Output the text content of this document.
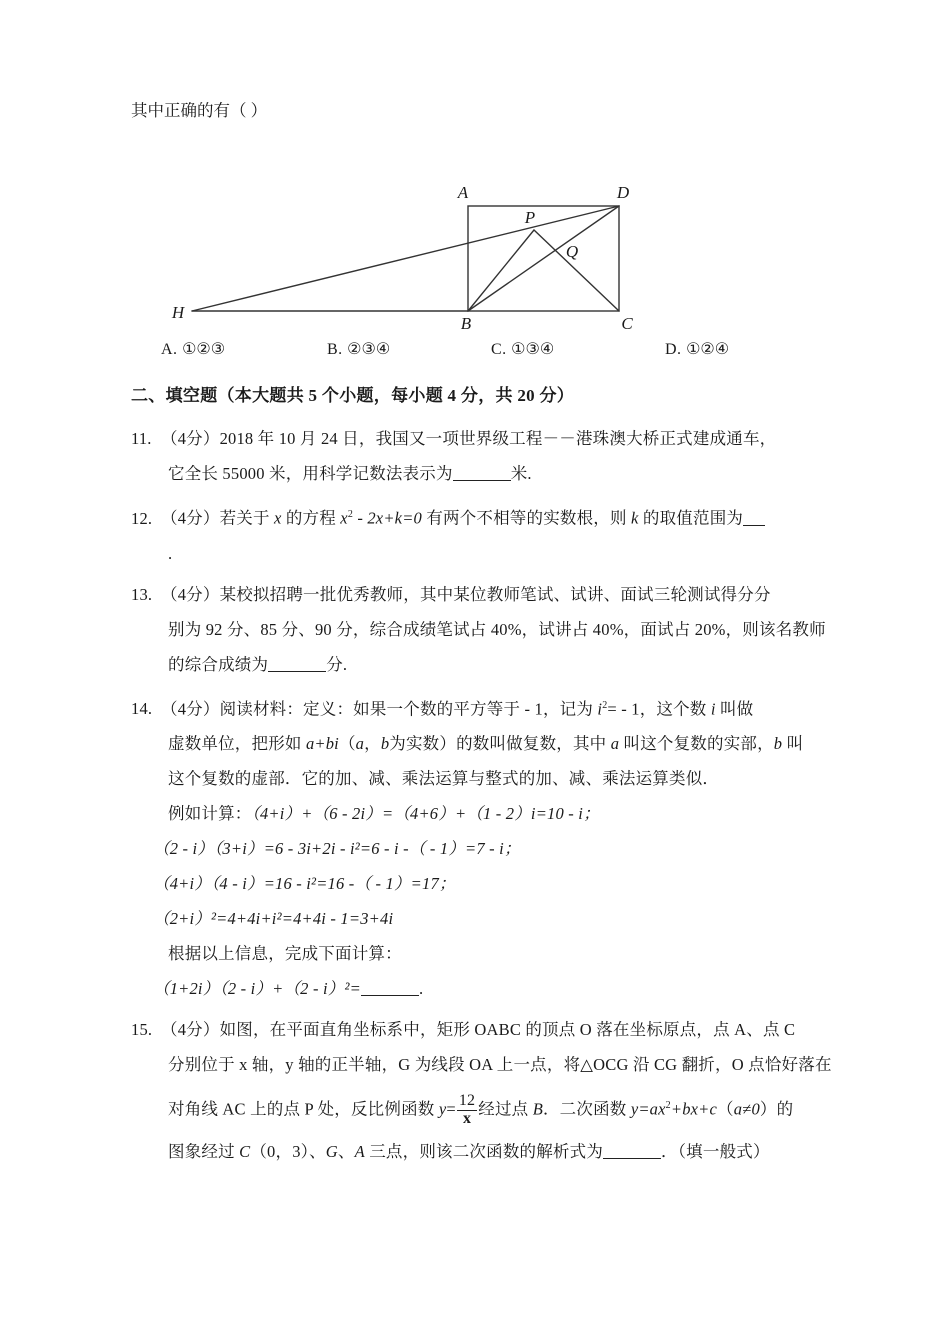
其中正确的有（ ）
A	D
B	C
P
Q
H
A. ①②③	B. ②③④	C. ①③④	D. ①②④
二、填空题（本大题共 5 个小题，每小题 4 分，共 20 分）
11. （4分）2018 年 10 月 24 日，我国又一项世界级工程－－港珠澳大桥正式建成通车，
它全长 55000 米，用科学记数法表示为	米.
12. （4分）若关于 x 的方程 $x^2 - 2x+k=0$ 有两个不相等的实数根，则 k 的取值范围为
.
13. （4分）某校拟招聘一批优秀教师，其中某位教师笔试、试讲、面试三轮测试得分分
别为 92 分、85 分、90 分，综合成绩笔试占 40%，试讲占 40%，面试占 20%，则该名教师
的综合成绩为	分.
14. （4分）阅读材料：定义：如果一个数的平方等于 - 1，记为 $i^2= - 1$，这个数 i 叫做
虚数单位，把形如 a+bi（a，b为实数）的数叫做复数，其中 a 叫这个复数的实部，b 叫
这个复数的虚部．它的加、减、乘法运算与整式的加、减、乘法运算类似．
例如计算：（4+i）+（6 - 2i）=（4+6）+（1 - 2）i=10 - i；
（2 - i）（3+i）=6 - 3i+2i - i²=6 - i -（ - 1）=7 - i；
（4+i）（4 - i）=16 - i²=16 -（ - 1）=17；
（2+i）²=4+4i+i²=4+4i - 1=3+4i
根据以上信息，完成下面计算：
（1+2i）（2 - i）+（2 - i）²=	.
15. （4分）如图，在平面直角坐标系中，矩形 OABC 的顶点 O 落在坐标原点，点 A、点 C
分别位于 x 轴，y 轴的正半轴，G 为线段 OA 上一点，将△OCG 沿 CG 翻折，O 点恰好落在
对角线 AC 上的点 P 处，反比例函数 $y= \frac{12}{x}$ 经过点 B．二次函数 $y=ax^2+bx+c(a\ne 0)$的
图象经过 C（0，3）、G、A 三点，则该二次函数的解析式为	．（填一般式）
